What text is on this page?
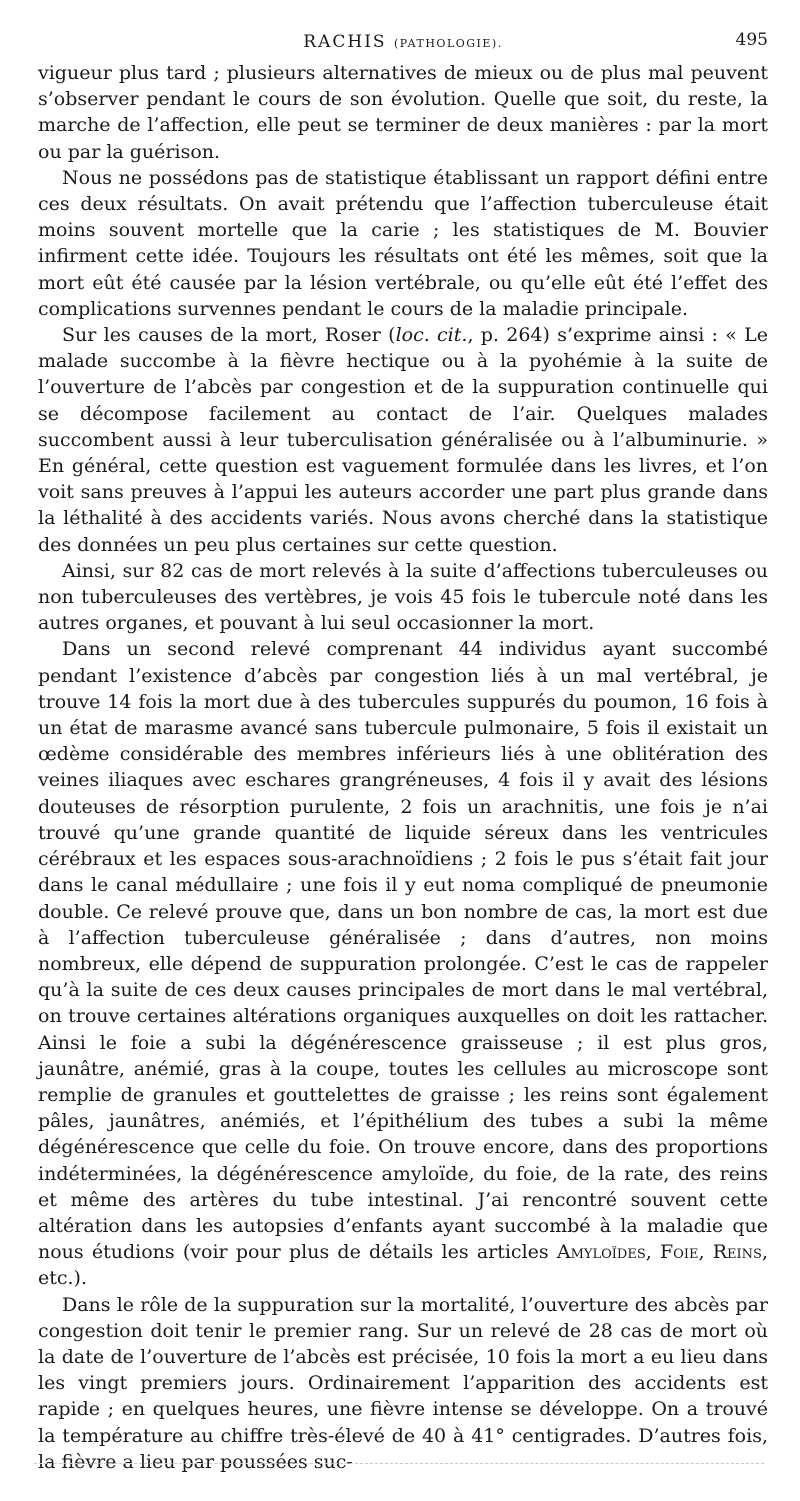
RACHIS (PATHOLOGIE).	495

vigueur plus tard ; plusieurs alternatives de mieux ou de plus mal peuvent s’observer pendant le cours de son évolution. Quelle que soit, du reste, la marche de l’affection, elle peut se terminer de deux manières : par la mort ou par la guérison.

Nous ne possédons pas de statistique établissant un rapport défini entre ces deux résultats. On avait prétendu que l’affection tuberculeuse était moins souvent mortelle que la carie ; les statistiques de M. Bouvier infirment cette idée. Toujours les résultats ont été les mêmes, soit que la mort eût été causée par la lésion vertébrale, ou qu’elle eût été l’effet des complications survennes pendant le cours de la maladie principale.

Sur les causes de la mort, Roser (loc. cit., p. 264) s’exprime ainsi : « Le malade succombe à la fièvre hectique ou à la pyohémie à la suite de l’ouverture de l’abcès par congestion et de la suppuration continuelle qui se décompose facilement au contact de l’air. Quelques malades succombent aussi à leur tuberculisation généralisée ou à l’albuminurie. » En général, cette question est vaguement formulée dans les livres, et l’on voit sans preuves à l’appui les auteurs accorder une part plus grande dans la léthalité à des accidents variés. Nous avons cherché dans la statistique des données un peu plus certaines sur cette question.

Ainsi, sur 82 cas de mort relevés à la suite d’affections tuberculeuses ou non tuberculeuses des vertèbres, je vois 45 fois le tubercule noté dans les autres organes, et pouvant à lui seul occasionner la mort.

Dans un second relevé comprenant 44 individus ayant succombé pendant l’existence d’abcès par congestion liés à un mal vertébral, je trouve 14 fois la mort due à des tubercules suppurés du poumon, 16 fois à un état de marasme avancé sans tubercule pulmonaire, 5 fois il existait un œdème considérable des membres inférieurs liés à une oblitération des veines iliaques avec eschares grangréneuses, 4 fois il y avait des lésions douteuses de résorption purulente, 2 fois un arachnitis, une fois je n’ai trouvé qu’une grande quantité de liquide séreux dans les ventricules cérébraux et les espaces sous-arachnoïdiens ; 2 fois le pus s’était fait jour dans le canal médullaire ; une fois il y eut noma compliqué de pneumonie double. Ce relevé prouve que, dans un bon nombre de cas, la mort est due à l’affection tuberculeuse généralisée ; dans d’autres, non moins nombreux, elle dépend de suppuration prolongée. C’est le cas de rappeler qu’à la suite de ces deux causes principales de mort dans le mal vertébral, on trouve certaines altérations organiques auxquelles on doit les rattacher. Ainsi le foie a subi la dégénérescence graisseuse ; il est plus gros, jaunâtre, anémié, gras à la coupe, toutes les cellules au microscope sont remplie de granules et gouttelettes de graisse ; les reins sont également pâles, jaunâtres, anémiés, et l’épithélium des tubes a subi la même dégénérescence que celle du foie. On trouve encore, dans des proportions indéterminées, la dégénérescence amyloïde, du foie, de la rate, des reins et même des artères du tube intestinal. J’ai rencontré souvent cette altération dans les autopsies d’enfants ayant succombé à la maladie que nous étudions (voir pour plus de détails les articles Amyloïdes, Foie, Reins, etc.).

Dans le rôle de la suppuration sur la mortalité, l’ouverture des abcès par congestion doit tenir le premier rang. Sur un relevé de 28 cas de mort où la date de l’ouverture de l’abcès est précisée, 10 fois la mort a eu lieu dans les vingt premiers jours. Ordinairement l’apparition des accidents est rapide ; en quelques heures, une fièvre intense se développe. On a trouvé la température au chiffre très-élevé de 40 à 41° centigrades. D’autres fois, la fièvre a lieu par poussées suc-
